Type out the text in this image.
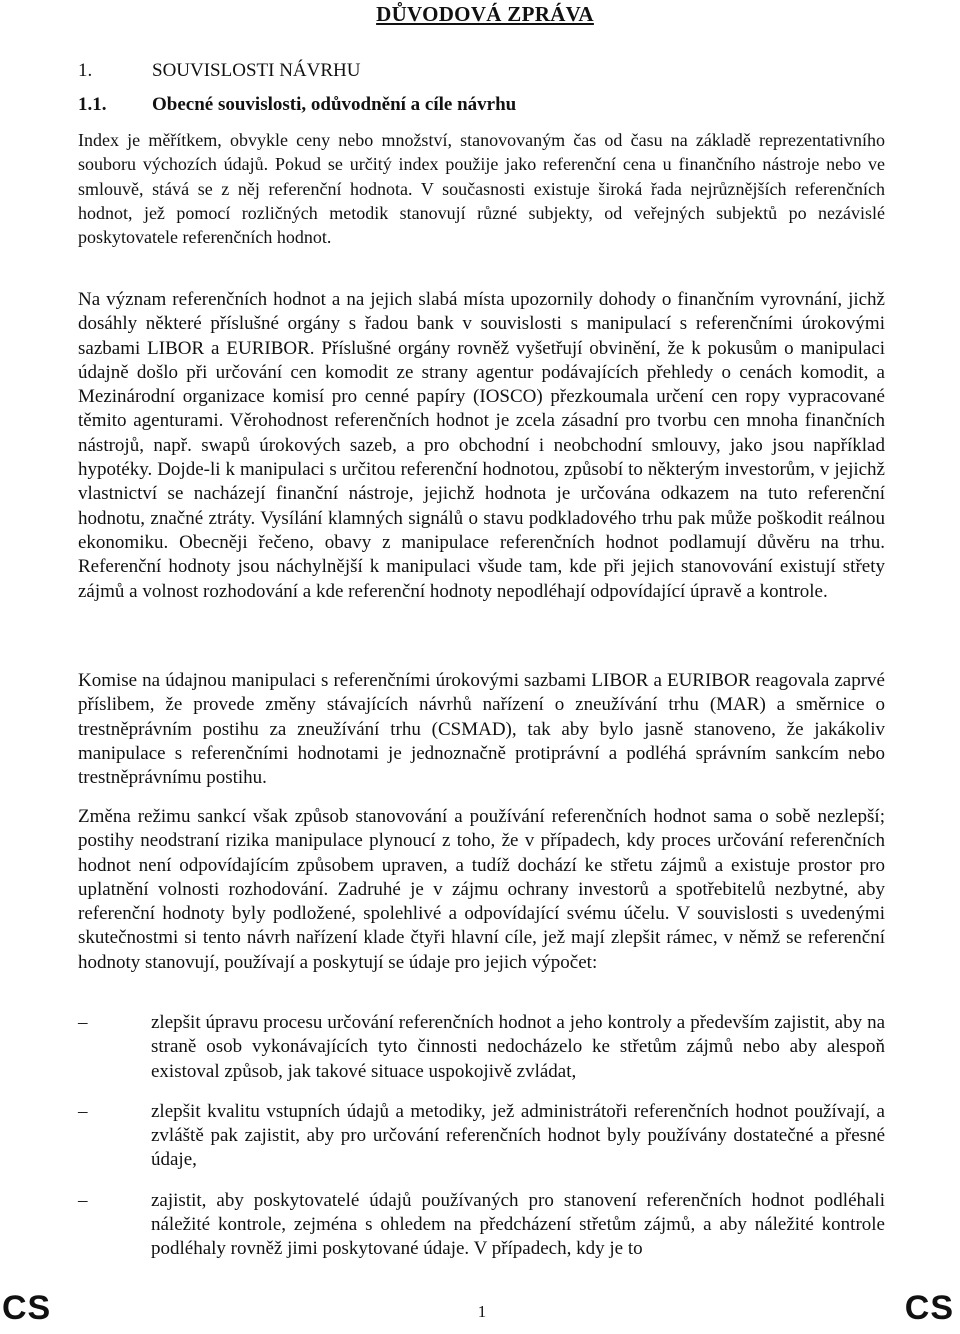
DŮVODOVÁ ZPRÁVA
1.	SOUVISLOSTI NÁVRHU
1.1. Obecné souvislosti, odůvodnění a cíle návrhu

Index je měřítkem, obvykle ceny nebo množství, stanovovaným čas od času na základě reprezentativního souboru výchozích údajů. Pokud se určitý index použije jako referenční cena u finančního nástroje nebo ve smlouvě, stává se z něj referenční hodnota. V současnosti existuje široká řada nejrůznějších referenčních hodnot, jež pomocí rozličných metodik stanovují různé subjekty, od veřejných subjektů po nezávislé poskytovatele referenčních hodnot.

Na význam referenčních hodnot a na jejich slabá místa upozornily dohody o finančním vyrovnání, jichž dosáhly některé příslušné orgány s řadou bank v souvislosti s manipulací s referenčními úrokovými sazbami LIBOR a EURIBOR. Příslušné orgány rovněž vyšetřují obvinění, že k pokusům o manipulaci údajně došlo při určování cen komodit ze strany agentur podávajících přehledy o cenách komodit, a Mezinárodní organizace komisí pro cenné papíry (IOSCO) přezkoumala určení cen ropy vypracované těmito agenturami. Věrohodnost referenčních hodnot je zcela zásadní pro tvorbu cen mnoha finančních nástrojů, např. swapů úrokových sazeb, a pro obchodní i neobchodní smlouvy, jako jsou například hypotéky. Dojde-li k manipulaci s určitou referenční hodnotou, způsobí to některým investorům, v jejichž vlastnictví se nacházejí finanční nástroje, jejichž hodnota je určována odkazem na tuto referenční hodnotu, značné ztráty. Vysílání klamných signálů o stavu podkladového trhu pak může poškodit reálnou ekonomiku. Obecněji řečeno, obavy z manipulace referenčních hodnot podlamují důvěru na trhu. Referenční hodnoty jsou náchylnější k manipulaci všude tam, kde při jejich stanovování existují střety zájmů a volnost rozhodování a kde referenční hodnoty nepodléhají odpovídající úpravě a kontrole.

Komise na údajnou manipulaci s referenčními úrokovými sazbami LIBOR a EURIBOR reagovala zaprvé příslibem, že provede změny stávajících návrhů nařízení o zneužívání trhu (MAR) a směrnice o trestněprávním postihu za zneužívání trhu (CSMAD), tak aby bylo jasně stanoveno, že jakákoliv manipulace s referenčními hodnotami je jednoznačně protiprávní a podléhá správním sankcím nebo trestněprávnímu postihu.

Změna režimu sankcí však způsob stanovování a používání referenčních hodnot sama o sobě nezlepší; postihy neodstraní rizika manipulace plynoucí z toho, že v případech, kdy proces určování referenčních hodnot není odpovídajícím způsobem upraven, a tudíž dochází ke střetu zájmů a existuje prostor pro uplatnění volnosti rozhodování. Zadruhé je v zájmu ochrany investorů a spotřebitelů nezbytné, aby referenční hodnoty byly podložené, spolehlivé a odpovídající svému účelu. V souvislosti s uvedenými skutečnostmi si tento návrh nařízení klade čtyři hlavní cíle, jež mají zlepšit rámec, v němž se referenční hodnoty stanovují, používají a poskytují se údaje pro jejich výpočet:

–	zlepšit úpravu procesu určování referenčních hodnot a jeho kontroly a především zajistit, aby na straně osob vykonávajících tyto činnosti nedocházelo ke střetům zájmů nebo aby alespoň existoval způsob, jak takové situace uspokojivě zvládat,
–	zlepšit kvalitu vstupních údajů a metodiky, jež administrátoři referenčních hodnot používají, a zvláště pak zajistit, aby pro určování referenčních hodnot byly používány dostatečné a přesné údaje,
–	zajistit, aby poskytovatelé údajů používaných pro stanovení referenčních hodnot podléhali náležité kontrole, zejména s ohledem na předcházení střetům zájmů, a aby náležité kontrole podléhaly rovněž jimi poskytované údaje. V případech, kdy je to
CS	1	CS
